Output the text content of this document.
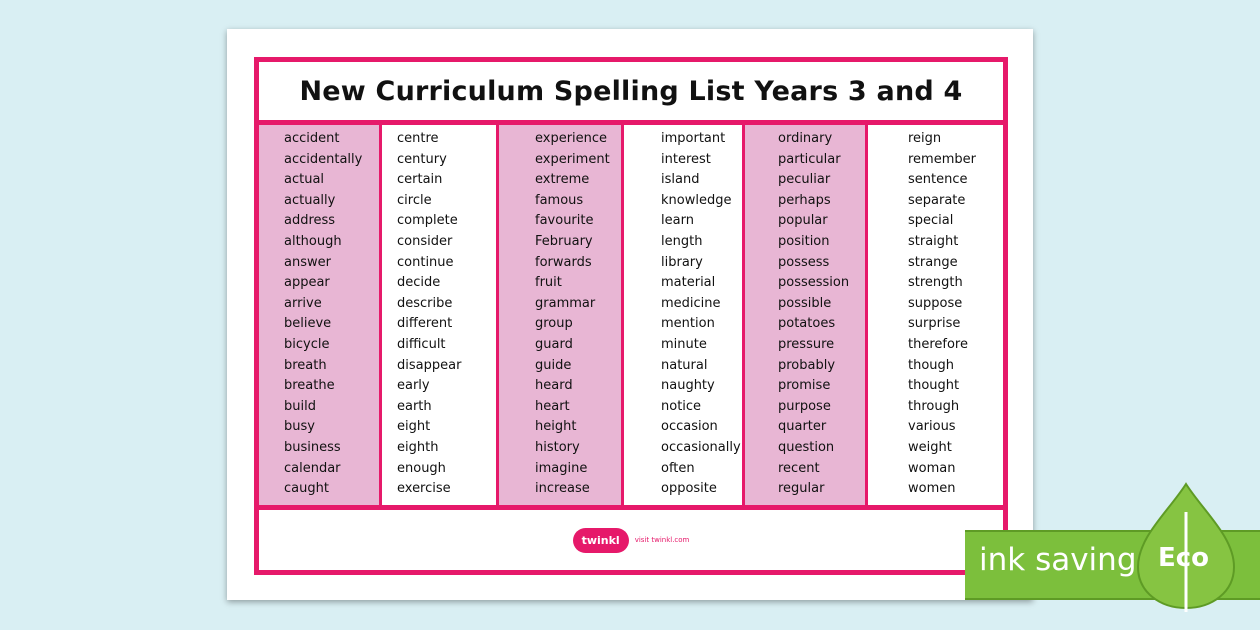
New Curriculum Spelling List Years 3 and 4
accident
accidentally
actual
actually
address
although
answer
appear
arrive
believe
bicycle
breath
breathe
build
busy
business
calendar
caught
centre
century
certain
circle
complete
consider
continue
decide
describe
different
difficult
disappear
early
earth
eight
eighth
enough
exercise
experience
experiment
extreme
famous
favourite
February
forwards
fruit
grammar
group
guard
guide
heard
heart
height
history
imagine
increase
important
interest
island
knowledge
learn
length
library
material
medicine
mention
minute
natural
naughty
notice
occasion
occasionally
often
opposite
ordinary
particular
peculiar
perhaps
popular
position
possess
possession
possible
potatoes
pressure
probably
promise
purpose
quarter
question
recent
regular
reign
remember
sentence
separate
special
straight
strange
strength
suppose
surprise
therefore
though
thought
through
various
weight
woman
women
twinkl	visit twinkl.com
ink saving Eco
